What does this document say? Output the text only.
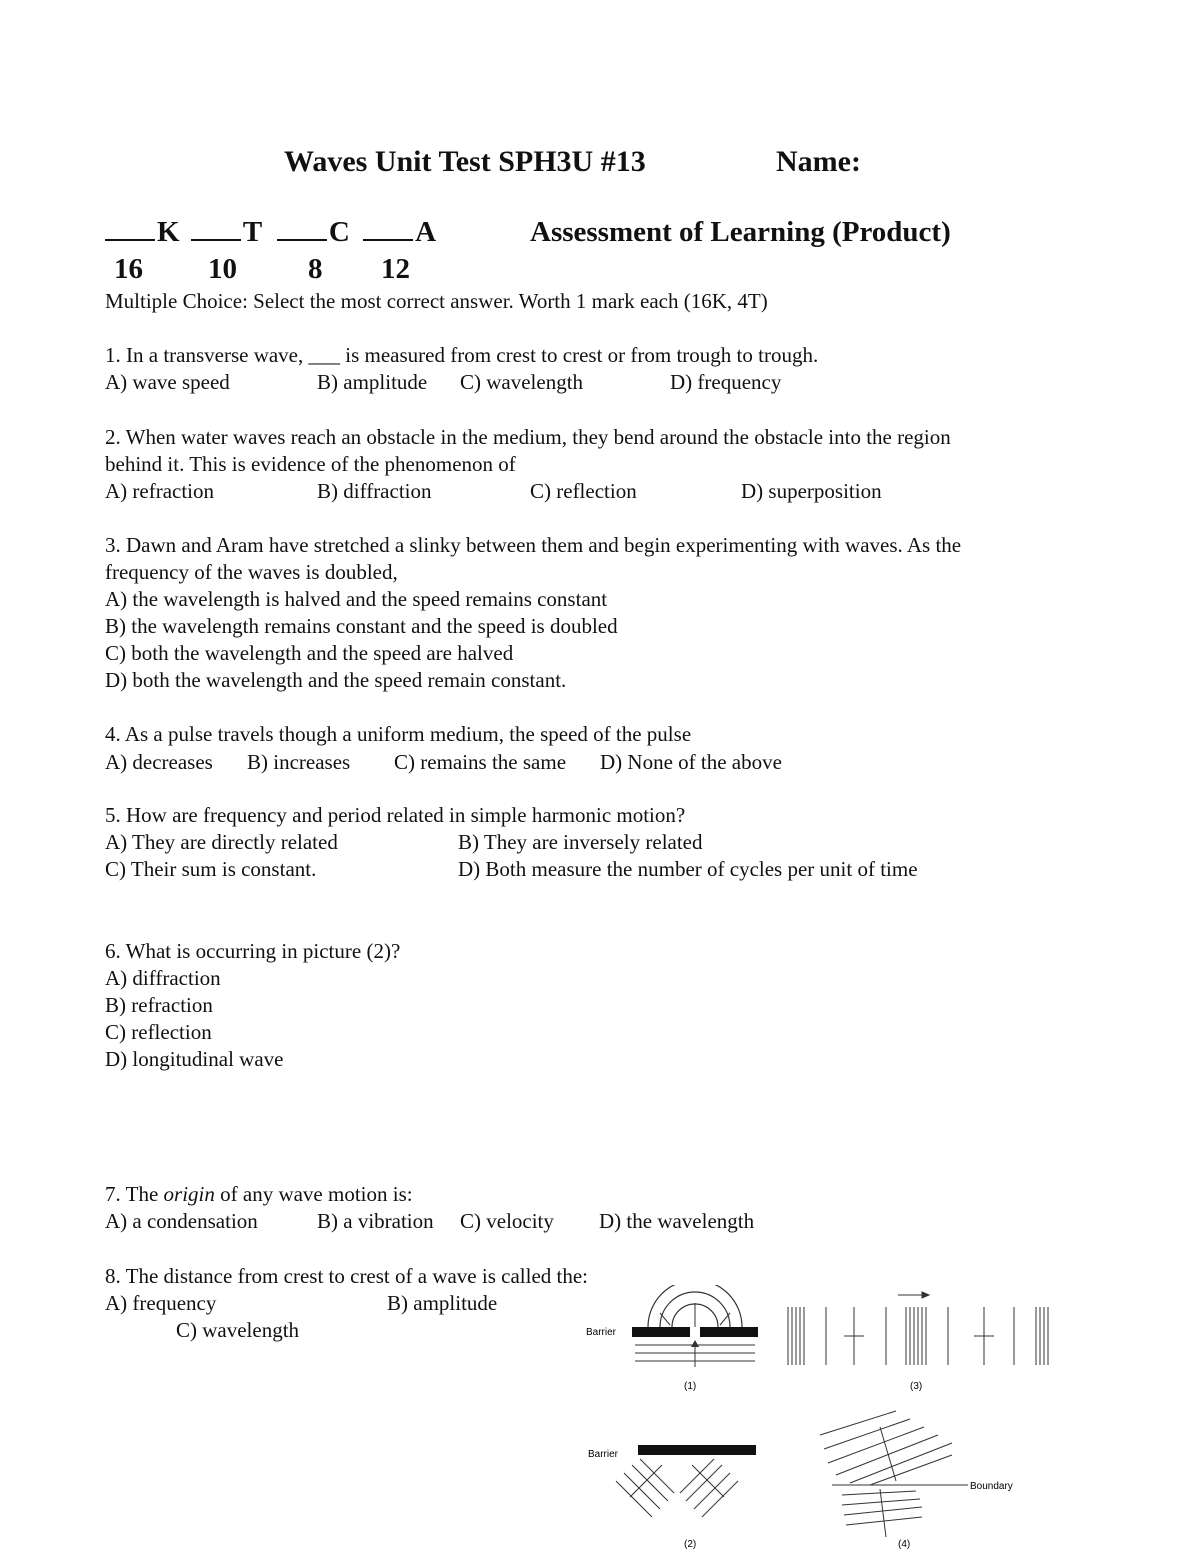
Waves Unit Test SPH3U #13	Name:
K T C A	Assessment of Learning (Product)
16 10 8 12
Multiple Choice: Select the most correct answer. Worth 1 mark each (16K, 4T)
1. In a transverse wave, ___ is measured from crest to crest or from trough to trough.
A) wave speed	B) amplitude C) wavelength	D) frequency
2. When water waves reach an obstacle in the medium, they bend around the obstacle into the region
behind it. This is evidence of the phenomenon of
A) refraction	B) diffraction	C) reflection	D) superposition
3. Dawn and Aram have stretched a slinky between them and begin experimenting with waves. As the
frequency of the waves is doubled,
A) the wavelength is halved and the speed remains constant
B) the wavelength remains constant and the speed is doubled
C) both the wavelength and the speed are halved
D) both the wavelength and the speed remain constant.
4. As a pulse travels though a uniform medium, the speed of the pulse
A) decreases B) increases C) remains the same D) None of the above
5. How are frequency and period related in simple harmonic motion?
A) They are directly related	B) They are inversely related
C) Their sum is constant.	D) Both measure the number of cycles per unit of time
6. What is occurring in picture (2)?
A) diffraction
B) refraction
C) reflection
D) longitudinal wave
7. The origin of any wave motion is:
A) a condensation	B) a vibration C) velocity D) the wavelength
8. The distance from crest to crest of a wave is called the:
A) frequency	B) amplitude
C) wavelength	Barrier
(1)	(3)
Barrier
(2)
Boundary
(4)
